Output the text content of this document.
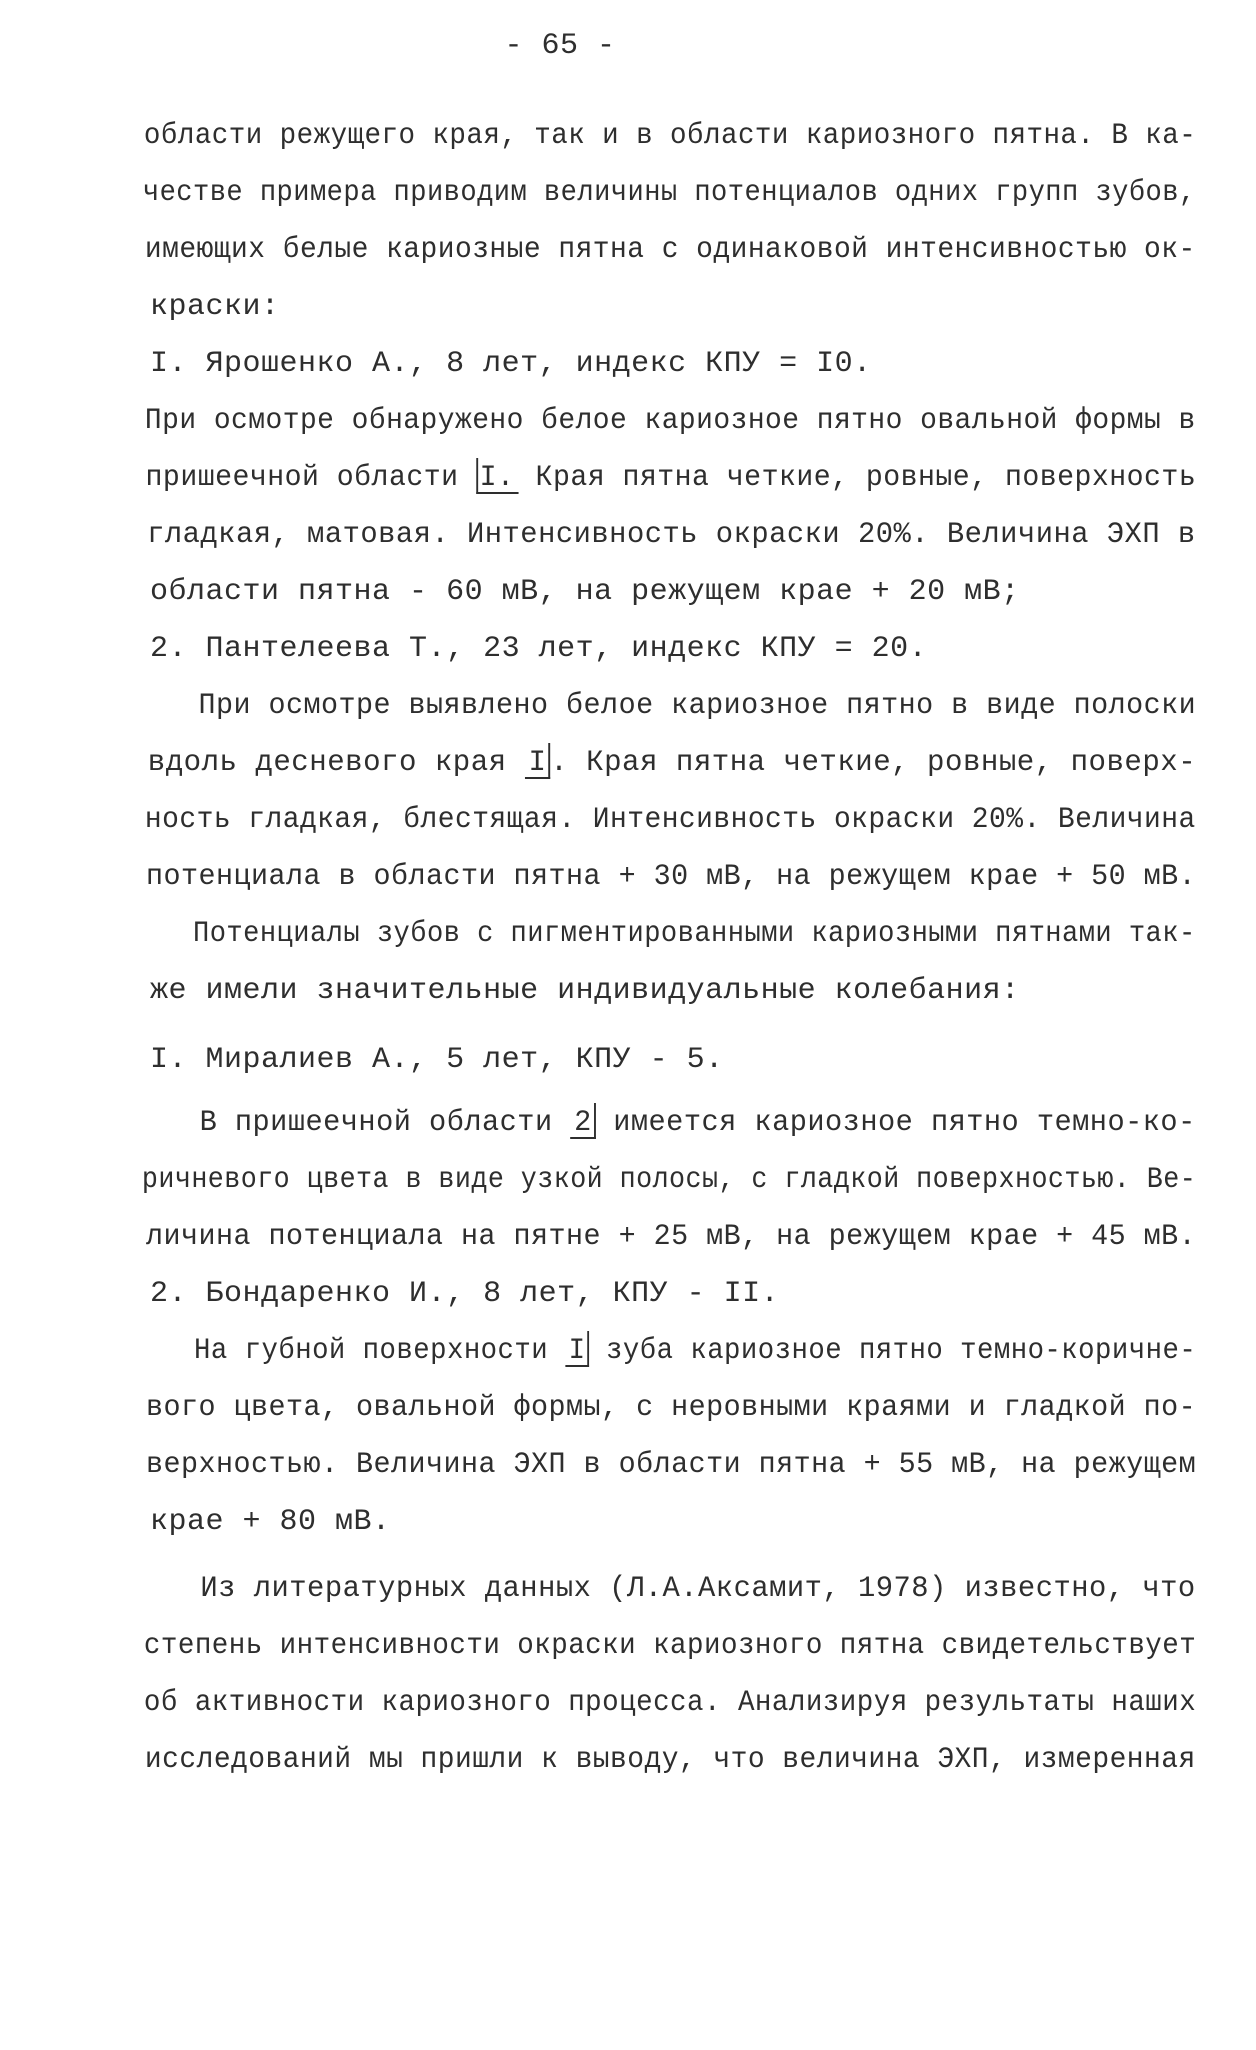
- 65 -

области режущего края, так и в области кариозного пятна. В ка-

честве примера приводим величины потенциалов одних групп зубов,

имеющих белые кариозные пятна с одинаковой интенсивностью ок-

краски:

I. Ярошенко А., 8 лет, индекс КПУ = I0.

При осмотре обнаружено белое кариозное пятно овальной формы в

пришеечной области I. Края пятна четкие, ровные, поверхность

гладкая, матовая. Интенсивность окраски 20%. Величина ЭХП в

области пятна - 60 мВ, на режущем крае + 20 мВ;

2. Пантелеева Т., 23 лет, индекс КПУ = 20.

При осмотре выявлено белое кариозное пятно в виде полоски

вдоль десневого края I . Края пятна четкие, ровные, поверх-

ность гладкая, блестящая. Интенсивность окраски 20%. Величина

потенциала в области пятна + 30 мВ, на режущем крае + 50 мВ.

Потенциалы зубов с пигментированными кариозными пятнами так-

же имели значительные индивидуальные колебания:

I. Миралиев А., 5 лет, КПУ - 5.

В пришеечной области 2 имеется кариозное пятно темно-ко-

ричневого цвета в виде узкой полосы, с гладкой поверхностью. Ве-

личина потенциала на пятне + 25 мВ, на режущем крае + 45 мВ.

2. Бондаренко И., 8 лет, КПУ - II.

На губной поверхности I зуба кариозное пятно темно-коричне-

вого цвета, овальной формы, с неровными краями и гладкой по-

верхностью. Величина ЭХП в области пятна + 55 мВ, на режущем

крае + 80 мВ.

Из литературных данных (Л.А.Аксамит, 1978) известно, что

степень интенсивности окраски кариозного пятна свидетельствует

об активности кариозного процесса. Анализируя результаты наших

исследований мы пришли к выводу, что величина ЭХП, измеренная
